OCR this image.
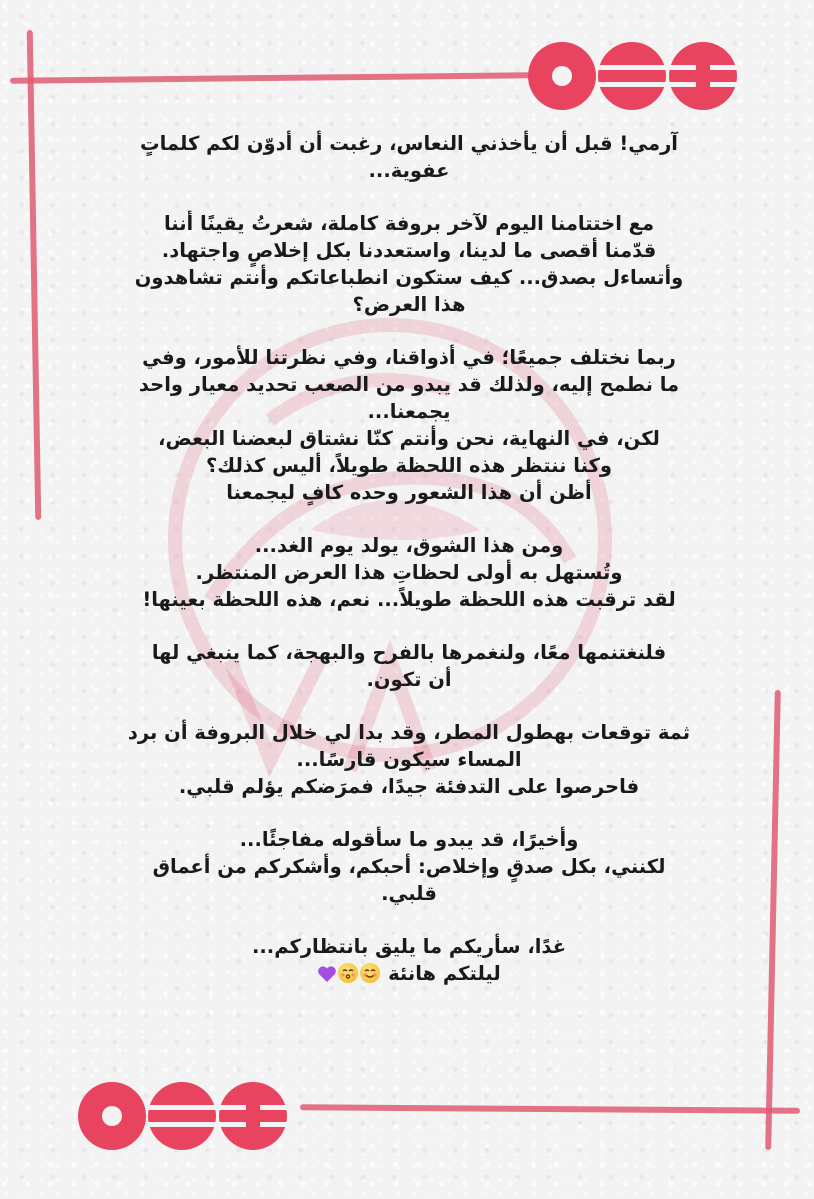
آرمي! قبل أن يأخذني النعاس، رغبت أن أدوّن لكم كلماتٍ
عفوية...

مع اختتامنا اليوم لآخر بروفة كاملة، شعرتُ يقينًا أننا
قدّمنا أقصى ما لدينا، واستعددنا بكل إخلاصٍ واجتهاد.
وأتساءل بصدق... كيف ستكون انطباعاتكم وأنتم تشاهدون
هذا العرض؟

ربما نختلف جميعًا؛ في أذواقنا، وفي نظرتنا للأمور، وفي
ما نطمح إليه، ولذلك قد يبدو من الصعب تحديد معيار واحد
يجمعنا...
لكن، في النهاية، نحن وأنتم كنّا نشتاق لبعضنا البعض،
وكنا ننتظر هذه اللحظة طويلاً، أليس كذلك؟
أظن أن هذا الشعور وحده كافٍ ليجمعنا

ومن هذا الشوق، يولد يوم الغد...
وتُستهل به أولى لحظاتِ هذا العرض المنتظر.
لقد ترقبت هذه اللحظة طويلاً... نعم، هذه اللحظة بعينها!

فلنغتنمها معًا، ولنغمرها بالفرح والبهجة، كما ينبغي لها
أن تكون.

ثمة توقعات بهطول المطر، وقد بدا لي خلال البروفة أن برد
المساء سيكون قارسًا...
فاحرصوا على التدفئة جيدًا، فمرَضكم يؤلم قلبي.

وأخيرًا، قد يبدو ما سأقوله مفاجئًا...
لكنني، بكل صدقٍ وإخلاص: أحبكم، وأشكركم من أعماق
قلبي.

غدًا، سأريكم ما يليق بانتظاركم...
ليلتكم هانئة
